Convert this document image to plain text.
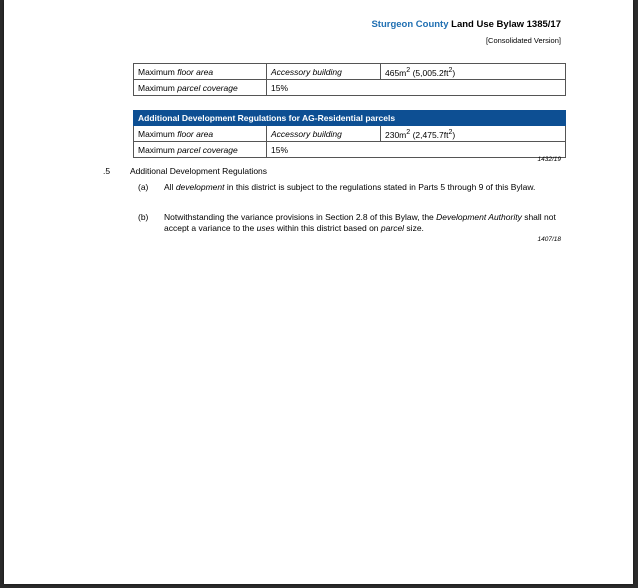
Sturgeon County Land Use Bylaw 1385/17
[Consolidated Version]
Maximum floor area	Accessory building	$465m^2$ $(5,005.2ft^2)$
Maximum parcel coverage	15%	
Additional Development Regulations for AG-Residential parcels		
Maximum floor area	Accessory building	$230m^2$ $(2,475.7ft^2)$
Maximum parcel coverage	15%	
1432/19
.5 Additional Development Regulations
(a) All development in this district is subject to the regulations stated in Parts 5 through 9 of this Bylaw.
(b) Notwithstanding the variance provisions in Section 2.8 of this Bylaw, the Development Authority shall not accept a variance to the uses within this district based on parcel size.
1407/18
